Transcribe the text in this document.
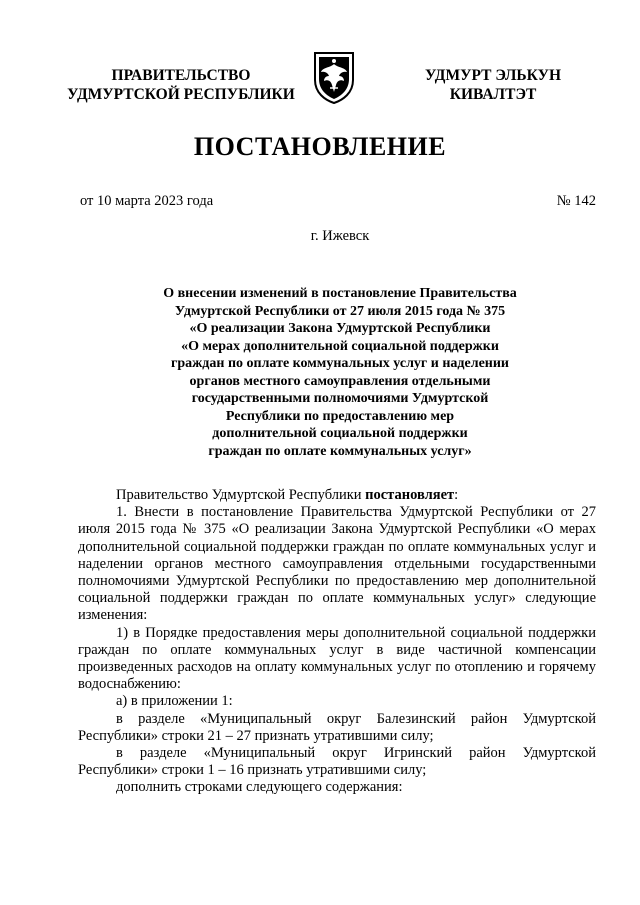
ПРАВИТЕЛЬСТВО
УДМУРТСКОЙ РЕСПУБЛИКИ
УДМУРТ ЭЛЬКУН
КИВАЛТЭТ
ПОСТАНОВЛЕНИЕ
от 10 марта 2023 года	№ 142
г. Ижевск
О внесении изменений в постановление Правительства
Удмуртской Республики от 27 июля 2015 года № 375
«О реализации Закона Удмуртской Республики
«О мерах дополнительной социальной поддержки
граждан по оплате коммунальных услуг и наделении
органов местного самоуправления отдельными
государственными полномочиями Удмуртской
Республики по предоставлению мер
дополнительной социальной поддержки
граждан по оплате коммунальных услуг»

Правительство Удмуртской Республики постановляет:

1. Внести в постановление Правительства Удмуртской Республики от 27 июля 2015 года № 375 «О реализации Закона Удмуртской Республики «О мерах дополнительной социальной поддержки граждан по оплате коммунальных услуг и наделении органов местного самоуправления отдельными государственными полномочиями Удмуртской Республики по предоставлению мер дополнительной социальной поддержки граждан по оплате коммунальных услуг» следующие изменения:

1) в Порядке предоставления меры дополнительной социальной поддержки граждан по оплате коммунальных услуг в виде частичной компенсации произведенных расходов на оплату коммунальных услуг по отоплению и горячему водоснабжению:

а) в приложении 1:

в разделе «Муниципальный округ Балезинский район Удмуртской Республики» строки 21 – 27 признать утратившими силу;

в разделе «Муниципальный округ Игринский район Удмуртской Республики» строки 1 – 16 признать утратившими силу;

дополнить строками следующего содержания:
